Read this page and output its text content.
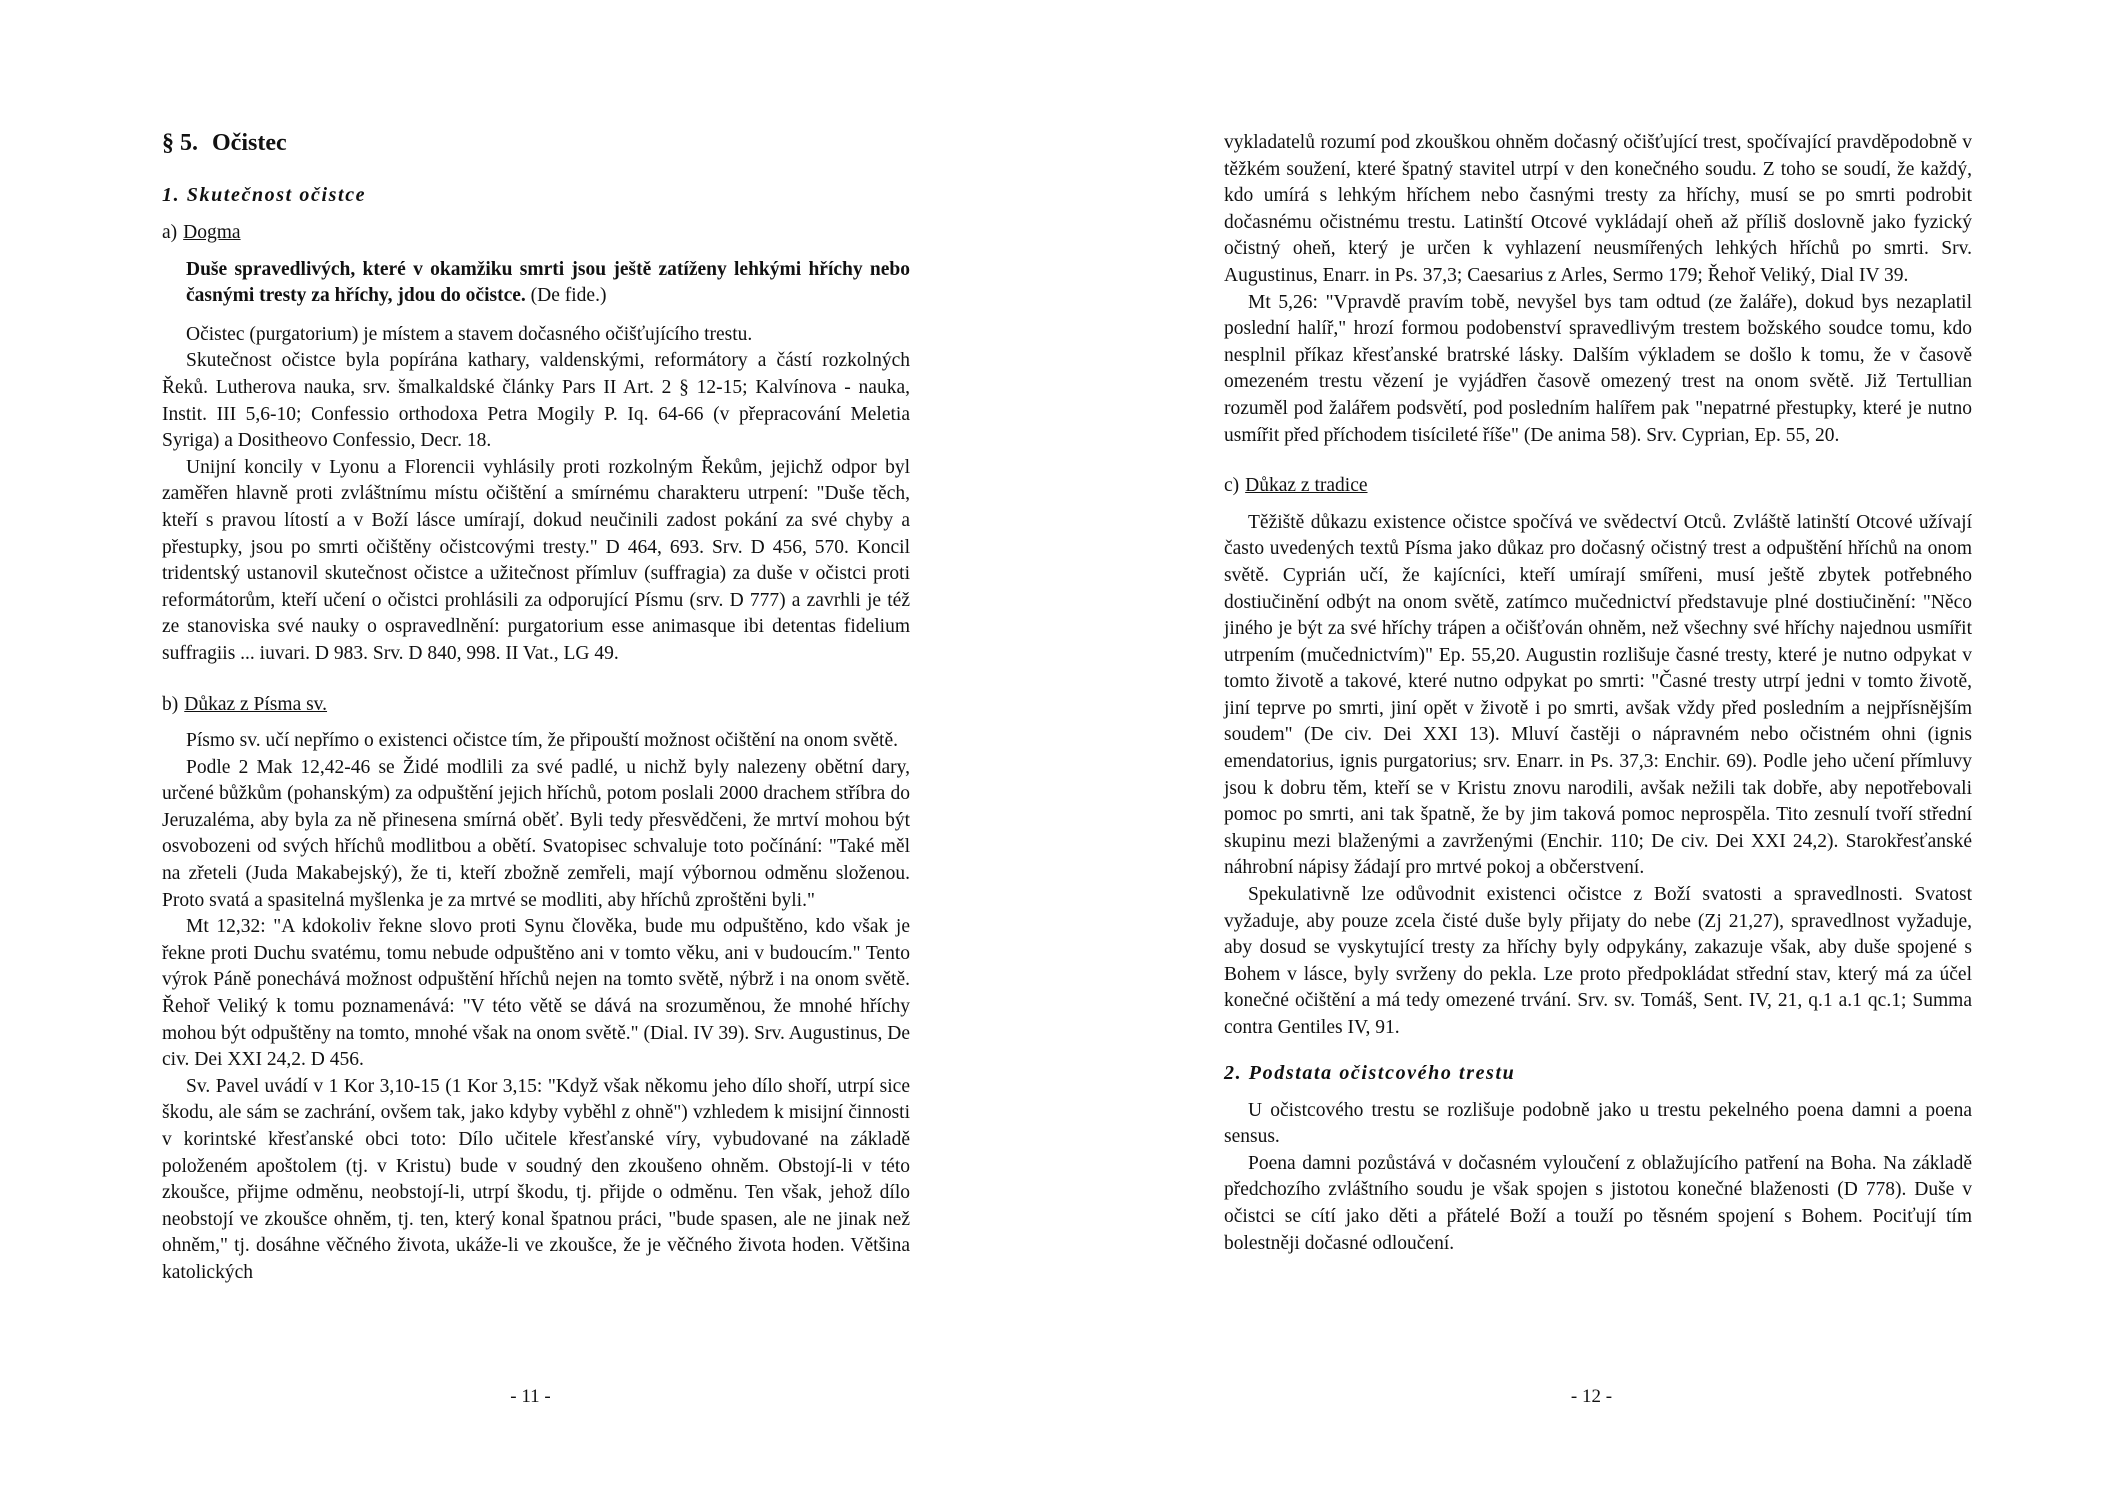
§ 5. Očistec
1. Skutečnost očistce
a) Dogma

Duše spravedlivých, které v okamžiku smrti jsou ještě zatíženy lehkými hříchy nebo časnými tresty za hříchy, jdou do očistce. (De fide.)

Očistec (purgatorium) je místem a stavem dočasného očišťujícího trestu.

Skutečnost očistce byla popírána kathary, valdenskými, reformátory a částí rozkolných Řeků. Lutherova nauka, srv. šmalkaldské články Pars II Art. 2 § 12-15; Kalvínova - nauka, Instit. III 5,6-10; Confessio orthodoxa Petra Mogily P. Iq. 64-66 (v přepracování Meletia Syriga) a Dositheovo Confessio, Decr. 18.

Unijní koncily v Lyonu a Florencii vyhlásily proti rozkolným Řekům, jejichž odpor byl zaměřen hlavně proti zvláštnímu místu očištění a smírnému charakteru utrpení: "Duše těch, kteří s pravou lítostí a v Boží lásce umírají, dokud neučinili zadost pokání za své chyby a přestupky, jsou po smrti očištěny očistcovými tresty." D 464, 693. Srv. D 456, 570. Koncil tridentský ustanovil skutečnost očistce a užitečnost přímluv (suffragia) za duše v očistci proti reformátorům, kteří učení o očistci prohlásili za odporující Písmu (srv. D 777) a zavrhli je též ze stanoviska své nauky o ospravedlnění: purgatorium esse animasque ibi detentas fidelium suffragiis ... iuvari. D 983. Srv. D 840, 998. II Vat., LG 49.

b) Důkaz z Písma sv.

Písmo sv. učí nepřímo o existenci očistce tím, že připouští možnost očištění na onom světě.

Podle 2 Mak 12,42-46 se Židé modlili za své padlé, u nichž byly nalezeny obětní dary, určené bůžkům (pohanským) za odpuštění jejich hříchů, potom poslali 2000 drachem stříbra do Jeruzaléma, aby byla za ně přinesena smírná oběť. Byli tedy přesvědčeni, že mrtví mohou být osvobozeni od svých hříchů modlitbou a obětí. Svatopisec schvaluje toto počínání: "Také měl na zřeteli (Juda Makabejský), že ti, kteří zbožně zemřeli, mají výbornou odměnu složenou. Proto svatá a spasitelná myšlenka je za mrtvé se modliti, aby hříchů zproštěni byli."

Mt 12,32: "A kdokoliv řekne slovo proti Synu člověka, bude mu odpuštěno, kdo však je řekne proti Duchu svatému, tomu nebude odpuštěno ani v tomto věku, ani v budoucím." Tento výrok Páně ponechává možnost odpuštění hříchů nejen na tomto světě, nýbrž i na onom světě. Řehoř Veliký k tomu poznamenává: "V této větě se dává na srozuměnou, že mnohé hříchy mohou být odpuštěny na tomto, mnohé však na onom světě." (Dial. IV 39). Srv. Augustinus, De civ. Dei XXI 24,2. D 456.

Sv. Pavel uvádí v 1 Kor 3,10-15 (1 Kor 3,15: "Když však někomu jeho dílo shoří, utrpí sice škodu, ale sám se zachrání, ovšem tak, jako kdyby vyběhl z ohně") vzhledem k misijní činnosti v korintské křesťanské obci toto: Dílo učitele křesťanské víry, vybudované na základě položeném apoštolem (tj. v Kristu) bude v soudný den zkoušeno ohněm. Obstojí-li v této zkoušce, přijme odměnu, neobstojí-li, utrpí škodu, tj. přijde o odměnu. Ten však, jehož dílo neobstojí ve zkoušce ohněm, tj. ten, který konal špatnou práci, "bude spasen, ale ne jinak než ohněm," tj. dosáhne věčného života, ukáže-li ve zkoušce, že je věčného života hoden. Většina katolických

- 11 -

vykladatelů rozumí pod zkouškou ohněm dočasný očišťující trest, spočívající pravděpodobně v těžkém soužení, které špatný stavitel utrpí v den konečného soudu. Z toho se soudí, že každý, kdo umírá s lehkým hříchem nebo časnými tresty za hříchy, musí se po smrti podrobit dočasnému očistnému trestu. Latinští Otcové vykládají oheň až příliš doslovně jako fyzický očistný oheň, který je určen k vyhlazení neusmířených lehkých hříchů po smrti. Srv. Augustinus, Enarr. in Ps. 37,3; Caesarius z Arles, Sermo 179; Řehoř Veliký, Dial IV 39.

Mt 5,26: "Vpravdě pravím tobě, nevyšel bys tam odtud (ze žaláře), dokud bys nezaplatil poslední halíř," hrozí formou podobenství spravedlivým trestem božského soudce tomu, kdo nesplnil příkaz křesťanské bratrské lásky. Dalším výkladem se došlo k tomu, že v časově omezeném trestu vězení je vyjádřen časově omezený trest na onom světě. Již Tertullian rozuměl pod žalářem podsvětí, pod posledním halířem pak "nepatrné přestupky, které je nutno usmířit před příchodem tisícileté říše" (De anima 58). Srv. Cyprian, Ep. 55, 20.

c) Důkaz z tradice

Těžiště důkazu existence očistce spočívá ve svědectví Otců. Zvláště latinští Otcové užívají často uvedených textů Písma jako důkaz pro dočasný očistný trest a odpuštění hříchů na onom světě. Cyprián učí, že kajícníci, kteří umírají smířeni, musí ještě zbytek potřebného dostiučinění odbýt na onom světě, zatímco mučednictví představuje plné dostiučinění: "Něco jiného je být za své hříchy trápen a očišťován ohněm, než všechny své hříchy najednou usmířit utrpením (mučednictvím)" Ep. 55,20. Augustin rozlišuje časné tresty, které je nutno odpykat v tomto životě a takové, které nutno odpykat po smrti: "Časné tresty utrpí jedni v tomto životě, jiní teprve po smrti, jiní opět v životě i po smrti, avšak vždy před posledním a nejpřísnějším soudem" (De civ. Dei XXI 13). Mluví častěji o nápravném nebo očistném ohni (ignis emendatorius, ignis purgatorius; srv. Enarr. in Ps. 37,3: Enchir. 69). Podle jeho učení přímluvy jsou k dobru těm, kteří se v Kristu znovu narodili, avšak nežili tak dobře, aby nepotřebovali pomoc po smrti, ani tak špatně, že by jim taková pomoc neprospěla. Tito zesnulí tvoří střední skupinu mezi blaženými a zavrženými (Enchir. 110; De civ. Dei XXI 24,2). Starokřesťanské náhrobní nápisy žádají pro mrtvé pokoj a občerstvení.

Spekulativně lze odůvodnit existenci očistce z Boží svatosti a spravedlnosti. Svatost vyžaduje, aby pouze zcela čisté duše byly přijaty do nebe (Zj 21,27), spravedlnost vyžaduje, aby dosud se vyskytující tresty za hříchy byly odpykány, zakazuje však, aby duše spojené s Bohem v lásce, byly svrženy do pekla. Lze proto předpokládat střední stav, který má za účel konečné očištění a má tedy omezené trvání. Srv. sv. Tomáš, Sent. IV, 21, q.1 a.1 qc.1; Summa contra Gentiles IV, 91.

2. Podstata očistcového trestu

U očistcového trestu se rozlišuje podobně jako u trestu pekelného poena damni a poena sensus.

Poena damni pozůstává v dočasném vyloučení z oblažujícího patření na Boha. Na základě předchozího zvláštního soudu je však spojen s jistotou konečné blaženosti (D 778). Duše v očistci se cítí jako děti a přátelé Boží a touží po těsném spojení s Bohem. Pociťují tím bolestněji dočasné odloučení.

- 12 -
